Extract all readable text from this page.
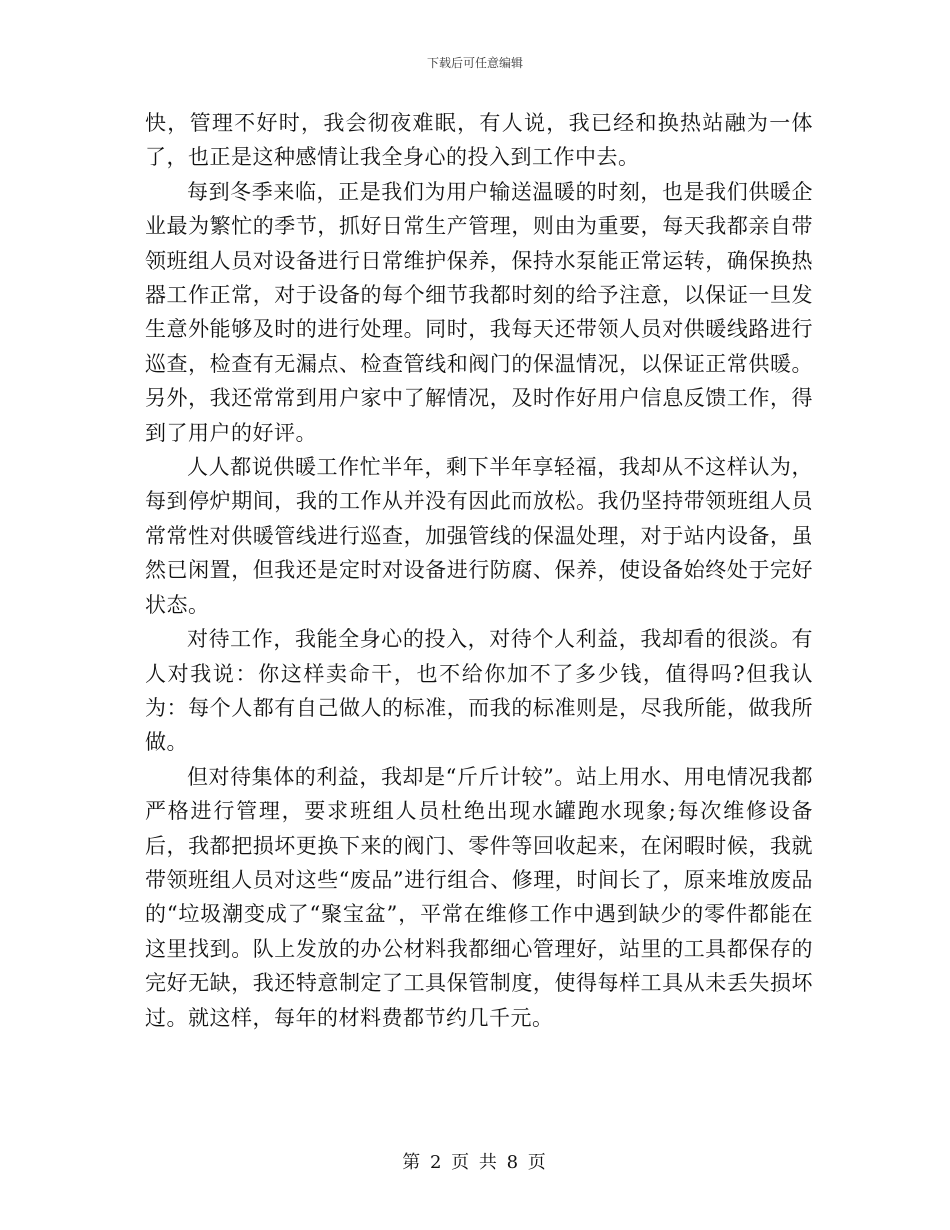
下载后可任意编辑

快，管理不好时，我会彻夜难眠，有人说，我已经和换热站融为一体了，也正是这种感情让我全身心的投入到工作中去。

每到冬季来临，正是我们为用户输送温暖的时刻，也是我们供暖企业最为繁忙的季节，抓好日常生产管理，则由为重要，每天我都亲自带领班组人员对设备进行日常维护保养，保持水泵能正常运转，确保换热器工作正常，对于设备的每个细节我都时刻的给予注意，以保证一旦发生意外能够及时的进行处理。同时，我每天还带领人员对供暖线路进行巡查，检查有无漏点、检查管线和阀门的保温情况，以保证正常供暖。另外，我还常常到用户家中了解情况，及时作好用户信息反馈工作，得到了用户的好评。

人人都说供暖工作忙半年，剩下半年享轻福，我却从不这样认为，每到停炉期间，我的工作从并没有因此而放松。我仍坚持带领班组人员常常性对供暖管线进行巡查，加强管线的保温处理，对于站内设备，虽然已闲置，但我还是定时对设备进行防腐、保养，使设备始终处于完好状态。

对待工作，我能全身心的投入，对待个人利益，我却看的很淡。有人对我说：你这样卖命干，也不给你加不了多少钱，值得吗?但我认为：每个人都有自己做人的标准，而我的标准则是，尽我所能，做我所做。

但对待集体的利益，我却是“斤斤计较”。站上用水、用电情况我都严格进行管理，要求班组人员杜绝出现水罐跑水现象;每次维修设备后，我都把损坏更换下来的阀门、零件等回收起来，在闲暇时候，我就带领班组人员对这些“废品”进行组合、修理，时间长了，原来堆放废品的“垃圾潮变成了“聚宝盆”，平常在维修工作中遇到缺少的零件都能在这里找到。队上发放的办公材料我都细心管理好，站里的工具都保存的完好无缺，我还特意制定了工具保管制度，使得每样工具从未丢失损坏过。就这样，每年的材料费都节约几千元。

第 2 页 共 8 页
